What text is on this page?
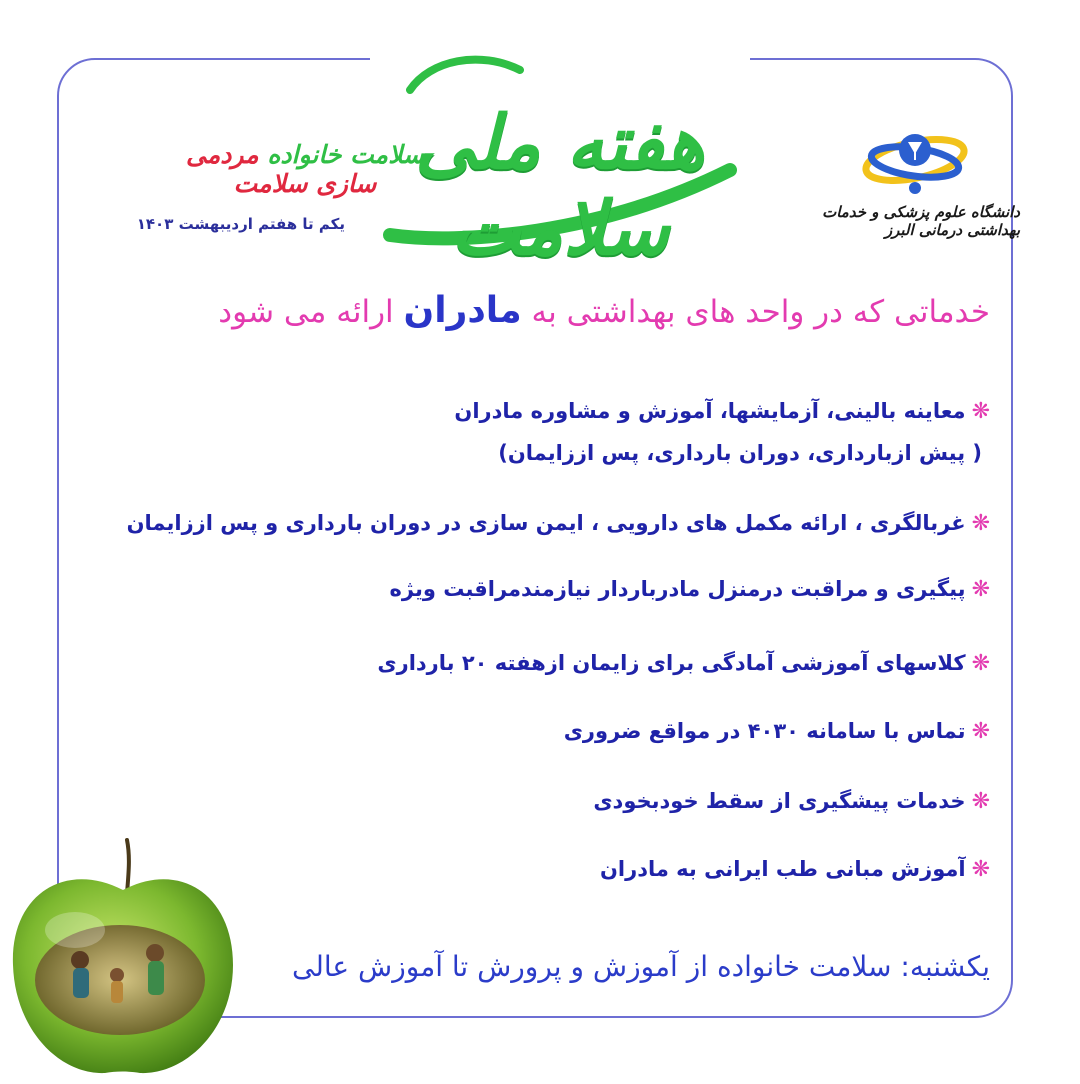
هفته ملی سلامت
سلامت خانواده مردمی سازی سلامت
یکم تا هفتم اردیبهشت ۱۴۰۳
دانشگاه علوم پزشکی و خدمات بهداشتی درمانی البرز
خدماتی که در واحد های بهداشتی به مادران ارائه می شود
❋معاینه بالینی، آزمایشها، آموزش و مشاوره مادران
( پیش ازبارداری، دوران بارداری، پس اززایمان)
❋غربالگری ، ارائه مکمل های دارویی ، ایمن سازی در دوران بارداری و پس اززایمان
❋پیگیری و مراقبت درمنزل مادرباردار نیازمندمراقبت ویژه
❋کلاسهای آموزشی آمادگی برای زایمان ازهفته ۲۰ بارداری
❋تماس با سامانه ۴۰۳۰ در مواقع ضروری
❋خدمات پیشگیری از سقط خودبخودی
❋آموزش مبانی طب ایرانی به مادران
یکشنبه: سلامت خانواده از آموزش و پرورش تا آموزش عالی
